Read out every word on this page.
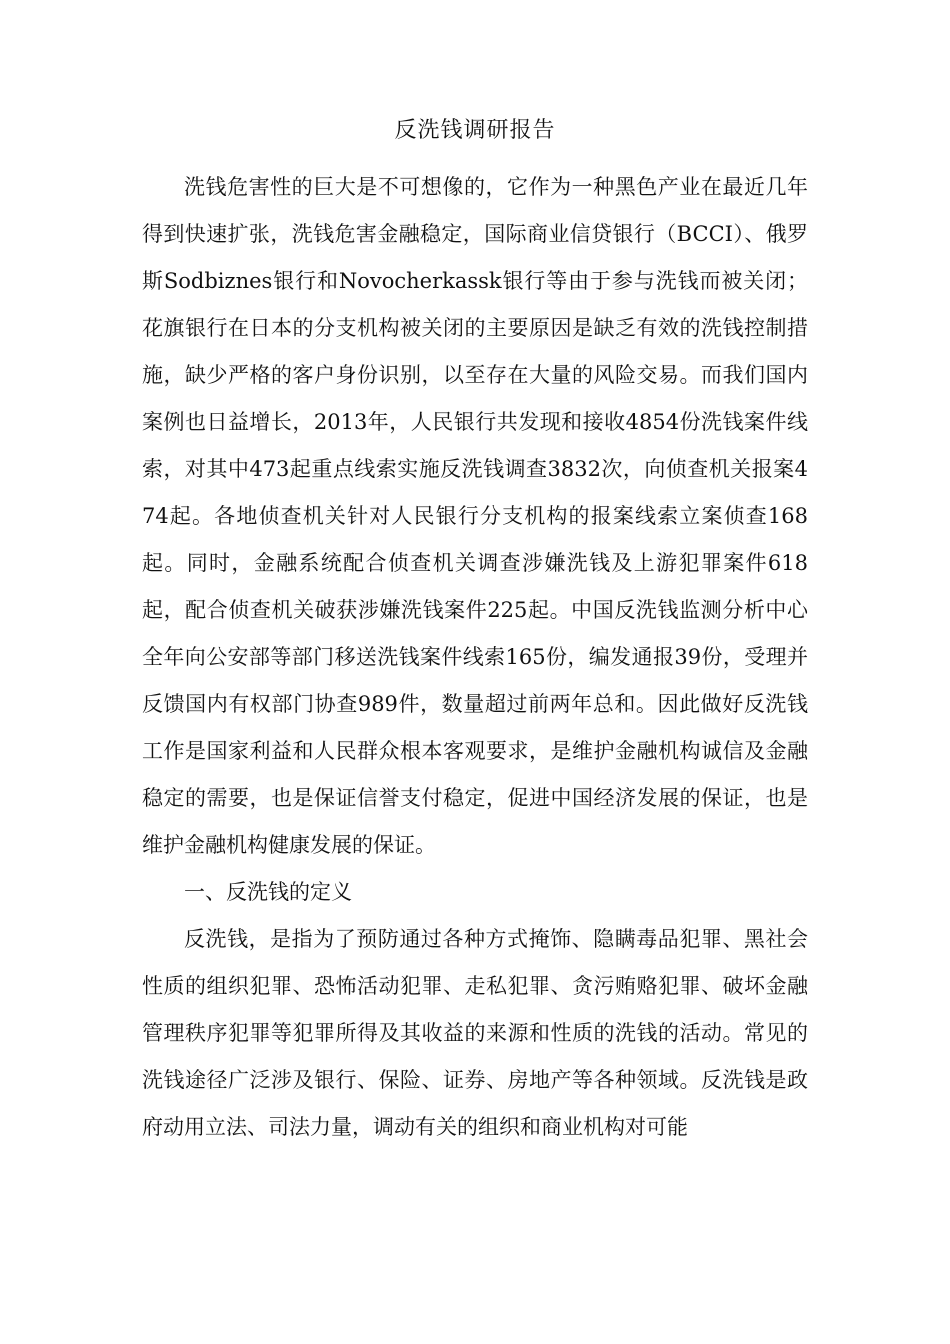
反洗钱调研报告

洗钱危害性的巨大是不可想像的，它作为一种黑色产业在最近几年得到快速扩张，洗钱危害金融稳定，国际商业信贷银行（BCCI）、俄罗斯Sodbiznes银行和Novocherkassk银行等由于参与洗钱而被关闭；花旗银行在日本的分支机构被关闭的主要原因是缺乏有效的洗钱控制措施，缺少严格的客户身份识别，以至存在大量的风险交易。而我们国内案例也日益增长，2013年，人民银行共发现和接收4854份洗钱案件线索，对其中473起重点线索实施反洗钱调查3832次，向侦查机关报案474起。各地侦查机关针对人民银行分支机构的报案线索立案侦查168起。同时，金融系统配合侦查机关调查涉嫌洗钱及上游犯罪案件618起，配合侦查机关破获涉嫌洗钱案件225起。中国反洗钱监测分析中心全年向公安部等部门移送洗钱案件线索165份，编发通报39份，受理并反馈国内有权部门协查989件，数量超过前两年总和。因此做好反洗钱工作是国家利益和人民群众根本客观要求，是维护金融机构诚信及金融稳定的需要，也是保证信誉支付稳定，促进中国经济发展的保证，也是维护金融机构健康发展的保证。

一、反洗钱的定义

反洗钱，是指为了预防通过各种方式掩饰、隐瞒毒品犯罪、黑社会性质的组织犯罪、恐怖活动犯罪、走私犯罪、贪污贿赂犯罪、破坏金融管理秩序犯罪等犯罪所得及其收益的来源和性质的洗钱的活动。常见的洗钱途径广泛涉及银行、保险、证券、房地产等各种领域。反洗钱是政府动用立法、司法力量，调动有关的组织和商业机构对可能
